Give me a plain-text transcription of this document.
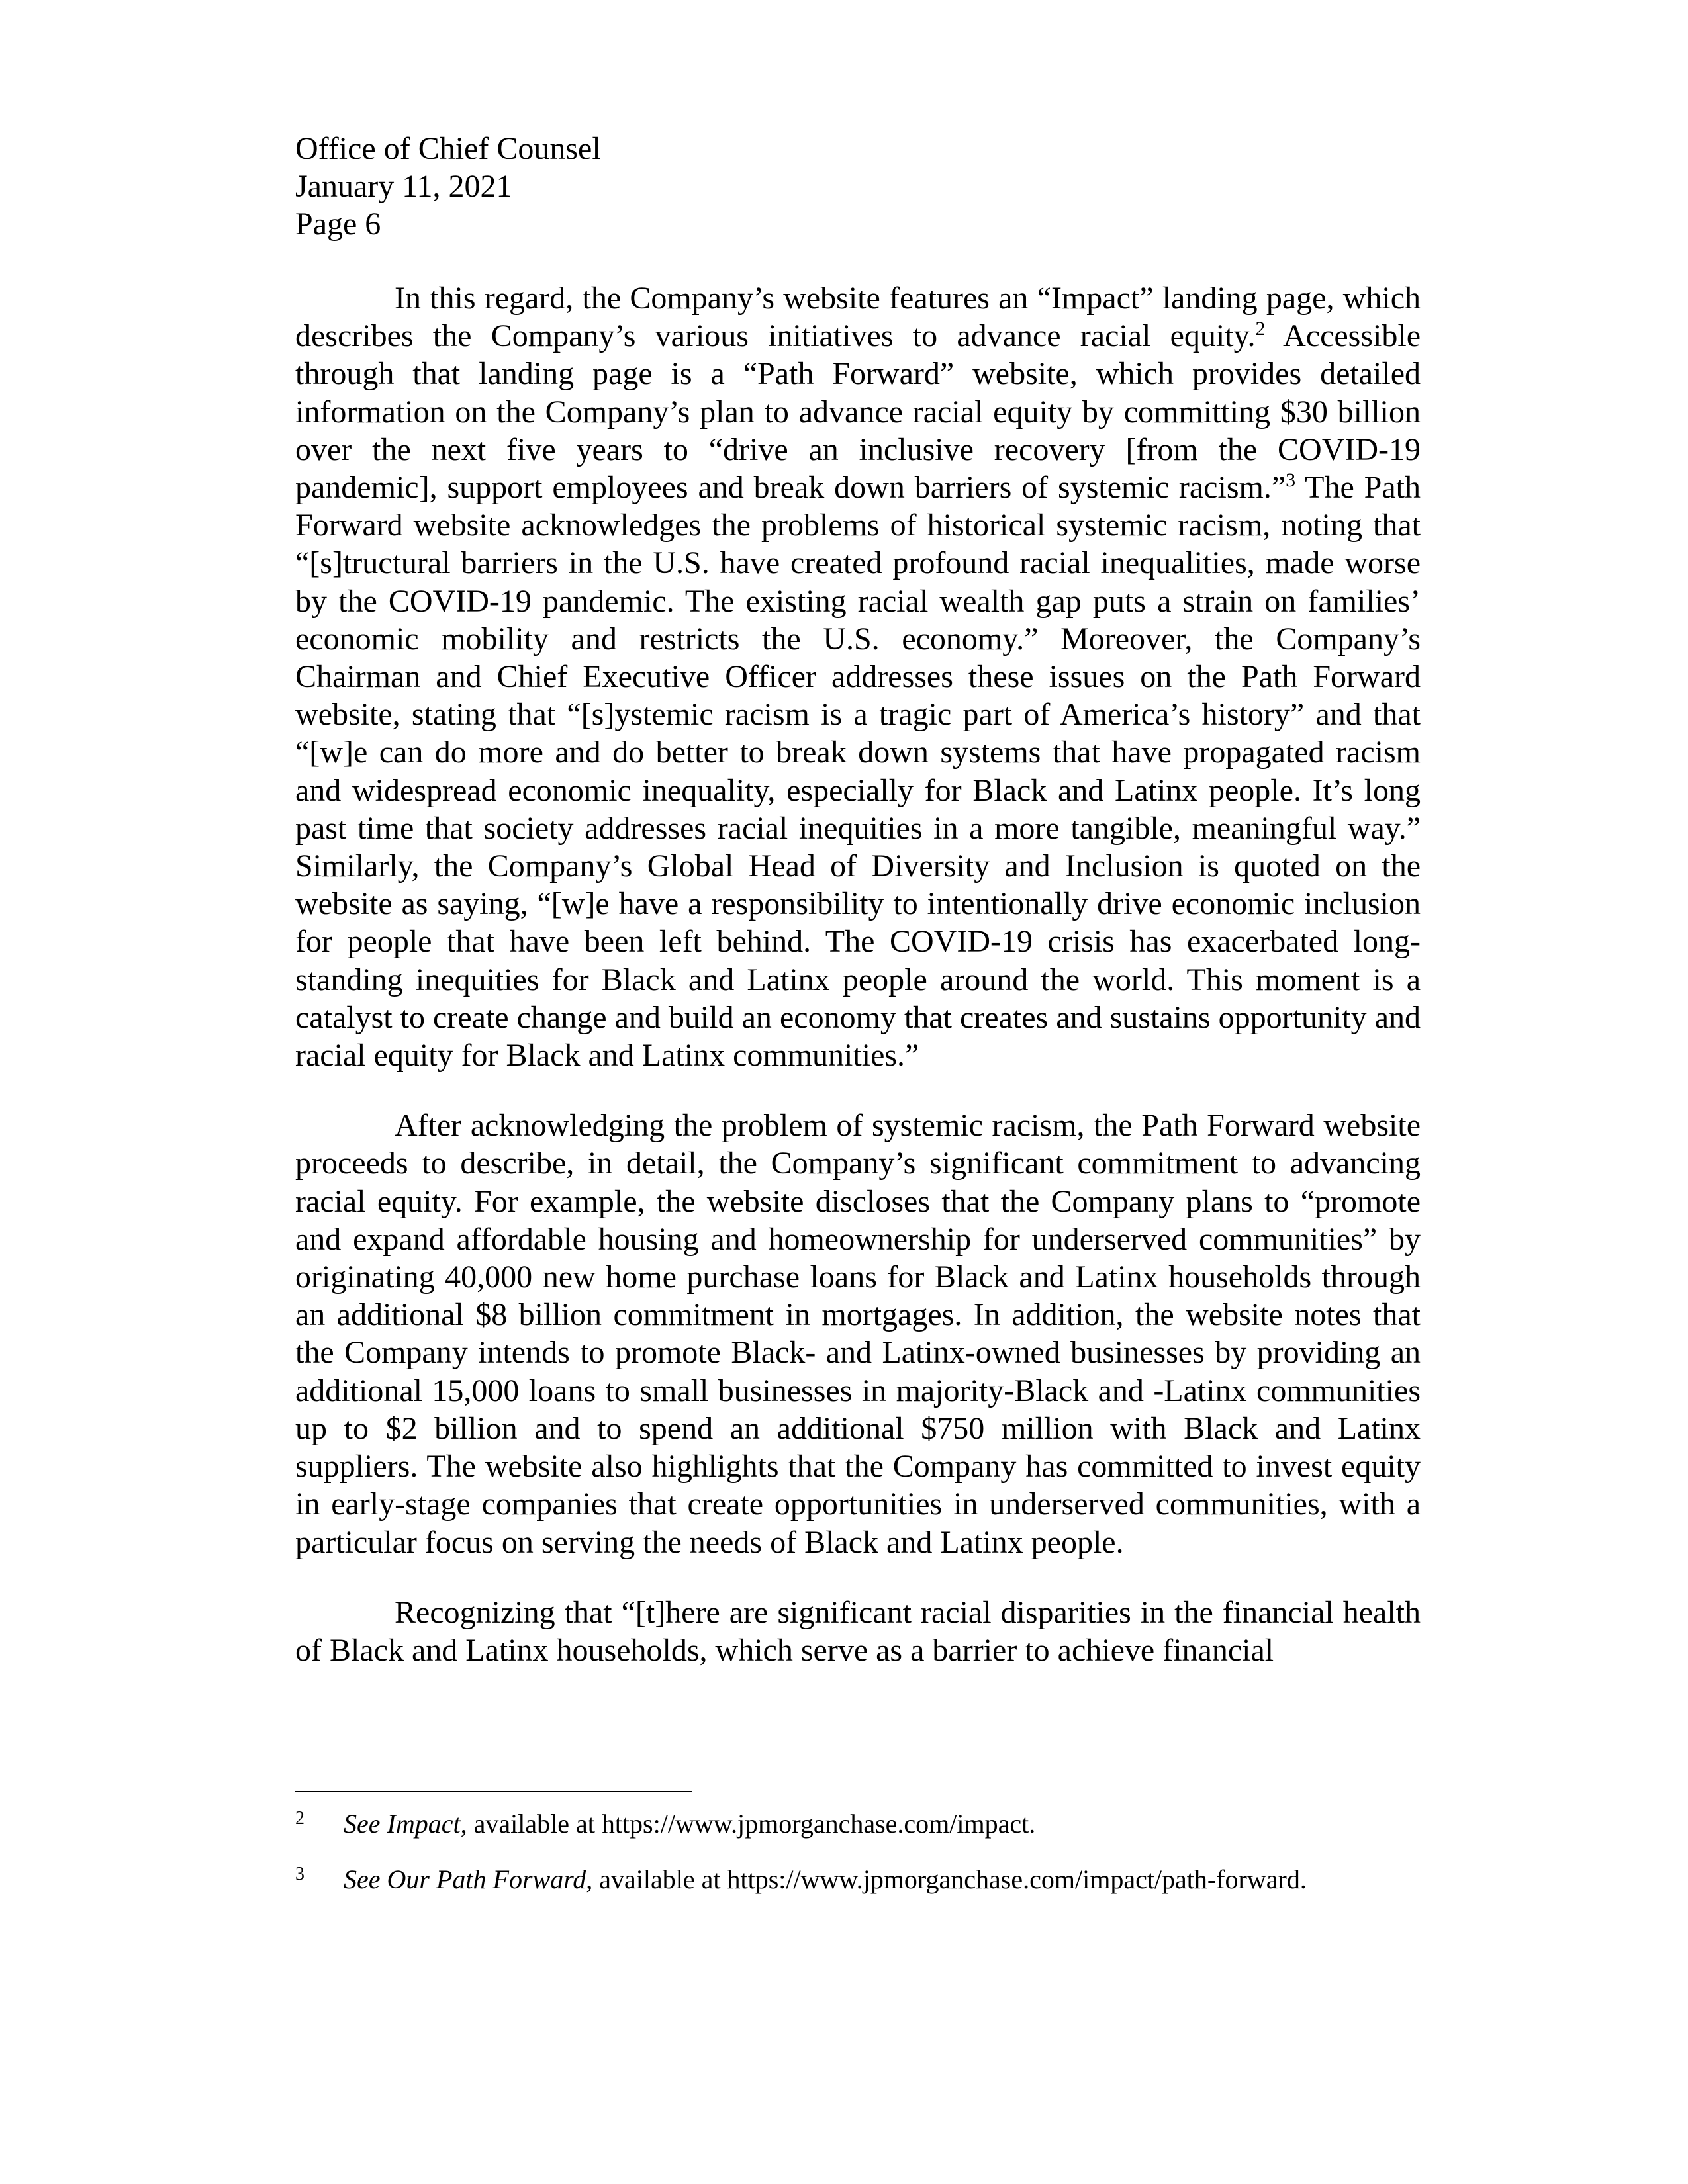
Office of Chief Counsel
January 11, 2021
Page 6

In this regard, the Company’s website features an “Impact” landing page, which describes the Company’s various initiatives to advance racial equity.$^2$ Accessible through that landing page is a “Path Forward” website, which provides detailed information on the Company’s plan to advance racial equity by committing $30 billion over the next five years to “drive an inclusive recovery [from the COVID-19 pandemic], support employees and break down barriers of systemic racism.”$^3$ The Path Forward website acknowledges the problems of historical systemic racism, noting that “[s]tructural barriers in the U.S. have created profound racial inequalities, made worse by the COVID-19 pandemic. The existing racial wealth gap puts a strain on families’ economic mobility and restricts the U.S. economy.” Moreover, the Company’s Chairman and Chief Executive Officer addresses these issues on the Path Forward website, stating that “[s]ystemic racism is a tragic part of America’s history” and that “[w]e can do more and do better to break down systems that have propagated racism and widespread economic inequality, especially for Black and Latinx people. It’s long past time that society addresses racial inequities in a more tangible, meaningful way.” Similarly, the Company’s Global Head of Diversity and Inclusion is quoted on the website as saying, “[w]e have a responsibility to intentionally drive economic inclusion for people that have been left behind. The COVID-19 crisis has exacerbated long-standing inequities for Black and Latinx people around the world. This moment is a catalyst to create change and build an economy that creates and sustains opportunity and racial equity for Black and Latinx communities.”

After acknowledging the problem of systemic racism, the Path Forward website proceeds to describe, in detail, the Company’s significant commitment to advancing racial equity. For example, the website discloses that the Company plans to “promote and expand affordable housing and homeownership for underserved communities” by originating 40,000 new home purchase loans for Black and Latinx households through an additional $8 billion commitment in mortgages. In addition, the website notes that the Company intends to promote Black- and Latinx-owned businesses by providing an additional 15,000 loans to small businesses in majority-Black and -Latinx communities up to $2 billion and to spend an additional $750 million with Black and Latinx suppliers. The website also highlights that the Company has committed to invest equity in early-stage companies that create opportunities in underserved communities, with a particular focus on serving the needs of Black and Latinx people.

Recognizing that “[t]here are significant racial disparities in the financial health of Black and Latinx households, which serve as a barrier to achieve financial

2 See Impact, available at https://www.jpmorganchase.com/impact.
3 See Our Path Forward, available at https://www.jpmorganchase.com/impact/path-forward.
